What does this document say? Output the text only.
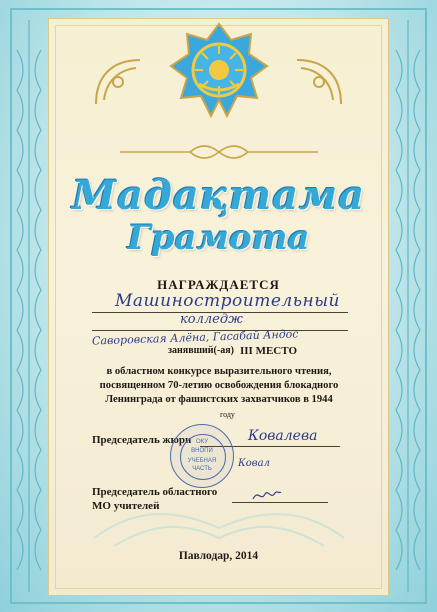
Мадақтама
Грамота
НАГРАЖДАЕТСЯ
Машиностроительный
колледж
Саворовская Алёна, Гасабай Андос
занявший(-ая) III МЕСТО
в областном конкурсе выразительного чтения,
посвященном 70-летию освобождения блокадного
Ленинграда от фашистских захватчиков в 1944
году
Председатель жюри	Ковалева
Ковал
ОКУ
ВНОПИ
УЧЕБНАЯ
ЧАСТЬ
Председатель областного
МО учителей
Павлодар, 2014
